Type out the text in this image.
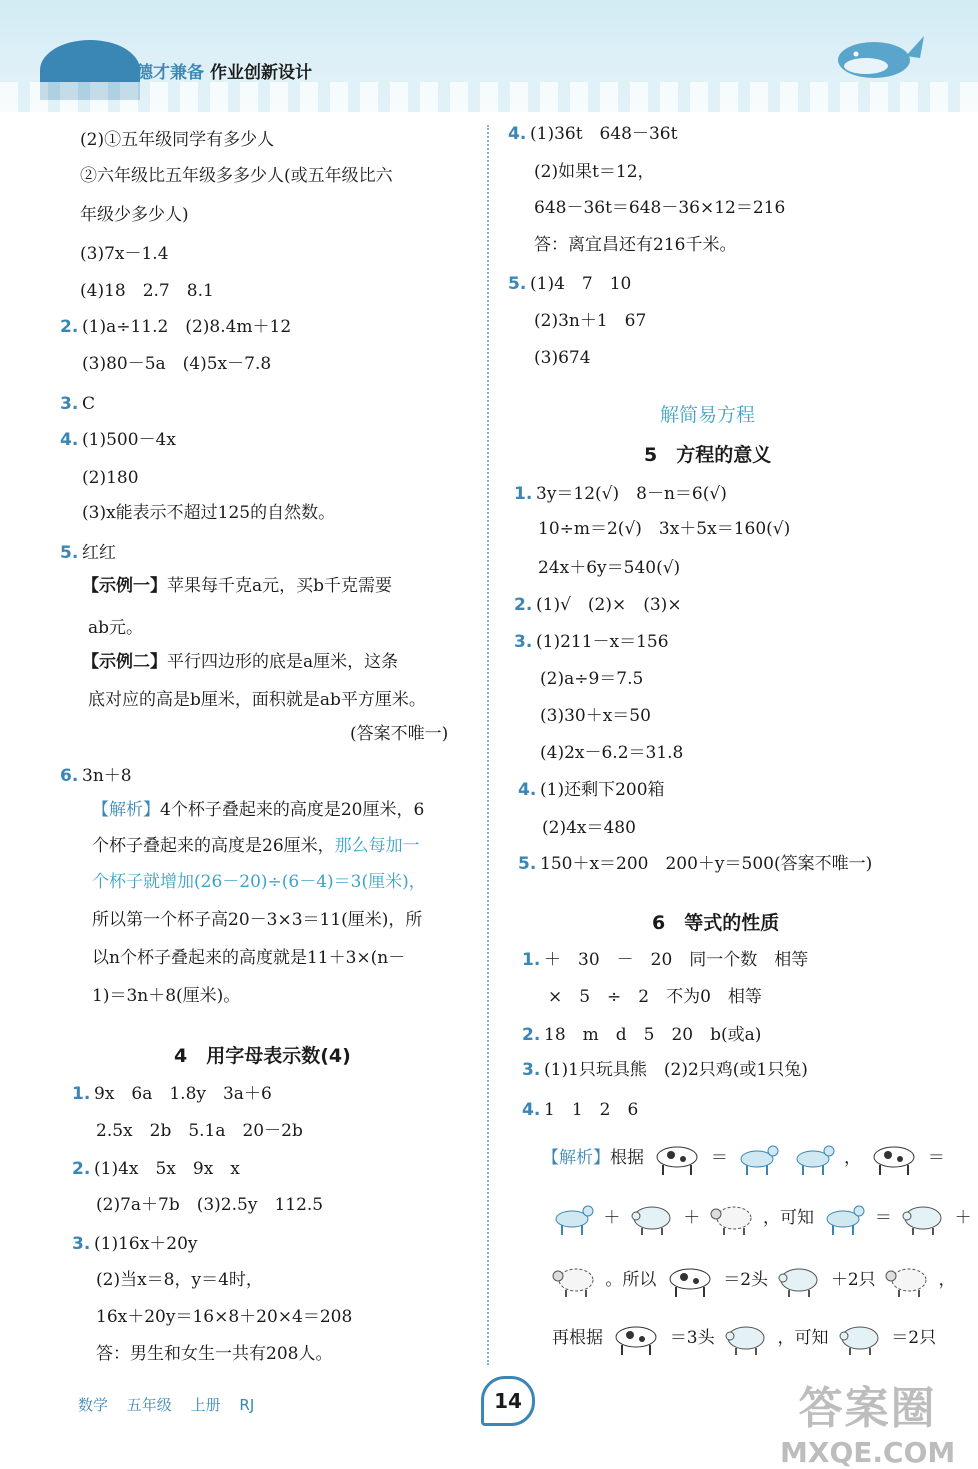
德才兼备 作业创新设计
(2)①五年级同学有多少人
②六年级比五年级多多少人(或五年级比六
年级少多少人)
(3)7x－1.4
(4)18　2.7　8.1
2. (1)a÷11.2　(2)8.4m＋12
(3)80－5a　(4)5x－7.8
3. C
4. (1)500－4x
(2)180
(3)x能表示不超过125的自然数。
5. 红红
【示例一】苹果每千克a元，买b千克需要
ab元。
【示例二】平行四边形的底是a厘米，这条
底对应的高是b厘米，面积就是ab平方厘米。
(答案不唯一)
6. 3n＋8
【解析】4个杯子叠起来的高度是20厘米，6
个杯子叠起来的高度是26厘米，那么每加一
个杯子就增加(26－20)÷(6－4)＝3(厘米)，
所以第一个杯子高20－3×3＝11(厘米)，所
以n个杯子叠起来的高度就是11＋3×(n－
1)＝3n＋8(厘米)。
4　用字母表示数(4)
1. 9x　6a　1.8y　3a＋6
2.5x　2b　5.1a　20－2b
2. (1)4x　5x　9x　x
(2)7a＋7b　(3)2.5y　112.5
3. (1)16x＋20y
(2)当x＝8，y＝4时，
16x＋20y＝16×8＋20×4＝208
答：男生和女生一共有208人。
4. (1)36t　648－36t
(2)如果t＝12，
648－36t＝648－36×12＝216
答：离宜昌还有216千米。
5. (1)4　7　10
(2)3n＋1　67
(3)674
解简易方程
5　方程的意义
1. 3y＝12(√)　8－n＝6(√)
10÷m＝2(√)　3x＋5x＝160(√)
24x＋6y＝540(√)
2. (1)√　(2)×　(3)×
3. (1)211－x＝156
(2)a÷9＝7.5
(3)30＋x＝50
(4)2x－6.2＝31.8
4. (1)还剩下200箱
(2)4x＝480
5. 150＋x＝200　200＋y＝500(答案不唯一)
6　等式的性质
1. ＋　30　－　20　同一个数　相等
×　5　÷　2　不为0　相等
2. 18　m　d　5　20　b(或a)
3. (1)1只玩具熊　(2)2只鸡(或1只兔)
4. 1　1　2　6
【解析】根据	＝	，	＝
＋	＋	，可知	＝	＋
。所以	＝2头	＋2只	，
再根据	＝3头	，可知	＝2只
数学 五年级 上册 RJ	14	答案圈
MXQE.COM
